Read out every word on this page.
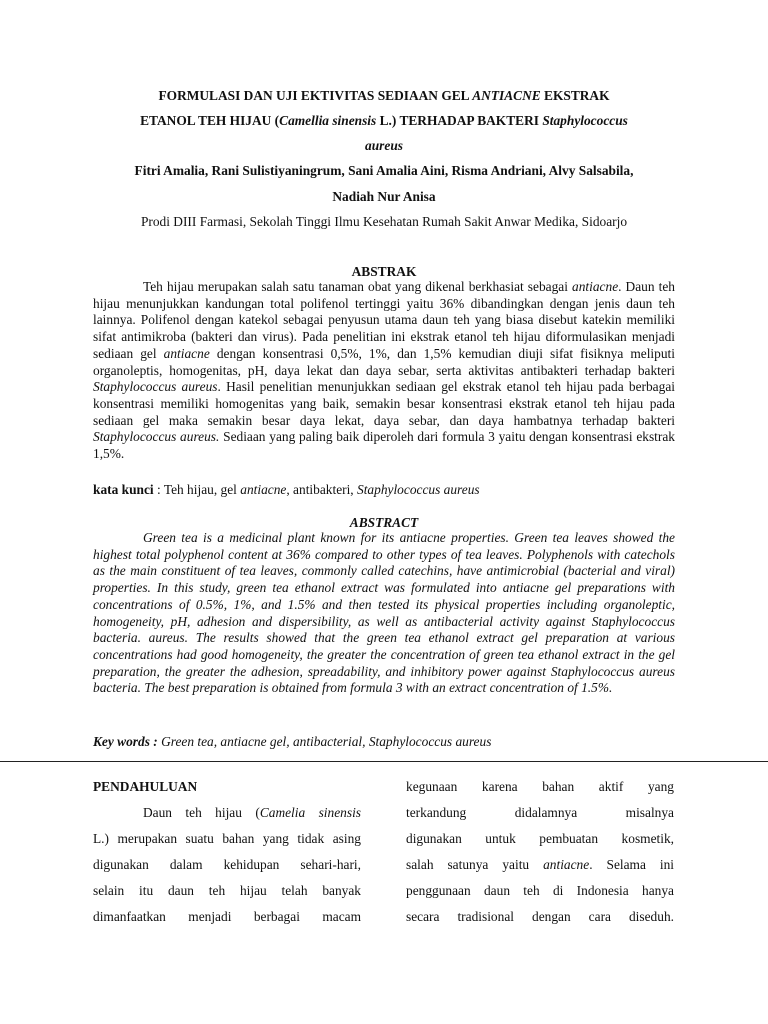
FORMULASI DAN UJI EKTIVITAS SEDIAAN GEL ANTIACNE EKSTRAK
ETANOL TEH HIJAU (Camellia sinensis L.) TERHADAP BAKTERI Staphylococcus
aureus
Fitri Amalia, Rani Sulistiyaningrum, Sani Amalia Aini, Risma Andriani, Alvy Salsabila,
Nadiah Nur Anisa
Prodi DIII Farmasi, Sekolah Tinggi Ilmu Kesehatan Rumah Sakit Anwar Medika, Sidoarjo
ABSTRAK

Teh hijau merupakan salah satu tanaman obat yang dikenal berkhasiat sebagai antiacne. Daun teh hijau menunjukkan kandungan total polifenol tertinggi yaitu 36% dibandingkan dengan jenis daun teh lainnya. Polifenol dengan katekol sebagai penyusun utama daun teh yang biasa disebut katekin memiliki sifat antimikroba (bakteri dan virus). Pada penelitian ini ekstrak etanol teh hijau diformulasikan menjadi sediaan gel antiacne dengan konsentrasi 0,5%, 1%, dan 1,5% kemudian diuji sifat fisiknya meliputi organoleptis, homogenitas, pH, daya lekat dan daya sebar, serta aktivitas antibakteri terhadap bakteri Staphylococcus aureus. Hasil penelitian menunjukkan sediaan gel ekstrak etanol teh hijau pada berbagai konsentrasi memiliki homogenitas yang baik, semakin besar konsentrasi ekstrak etanol teh hijau pada sediaan gel maka semakin besar daya lekat, daya sebar, dan daya hambatnya terhadap bakteri Staphylococcus aureus. Sediaan yang paling baik diperoleh dari formula 3 yaitu dengan konsentrasi ekstrak 1,5%.

kata kunci : Teh hijau, gel antiacne, antibakteri, Staphylococcus aureus
ABSTRACT

Green tea is a medicinal plant known for its antiacne properties. Green tea leaves showed the highest total polyphenol content at 36% compared to other types of tea leaves. Polyphenols with catechols as the main constituent of tea leaves, commonly called catechins, have antimicrobial (bacterial and viral) properties. In this study, green tea ethanol extract was formulated into antiacne gel preparations with concentrations of 0.5%, 1%, and 1.5% and then tested its physical properties including organoleptic, homogeneity, pH, adhesion and dispersibility, as well as antibacterial activity against Staphylococcus bacteria. aureus. The results showed that the green tea ethanol extract gel preparation at various concentrations had good homogeneity, the greater the concentration of green tea ethanol extract in the gel preparation, the greater the adhesion, spreadability, and inhibitory power against Staphylococcus aureus bacteria. The best preparation is obtained from formula 3 with an extract concentration of 1.5%.

Key words : Green tea, antiacne gel, antibacterial, Staphylococcus aureus
PENDAHULUAN
Daun teh hijau (Camelia sinensis
L.) merupakan suatu bahan yang tidak asing
digunakan dalam kehidupan sehari-hari,
selain itu daun teh hijau telah banyak
dimanfaatkan menjadi berbagai macam
kegunaan karena bahan aktif yang
terkandung didalamnya misalnya
digunakan untuk pembuatan kosmetik,
salah satunya yaitu antiacne. Selama ini
penggunaan daun teh di Indonesia hanya
secara tradisional dengan cara diseduh.
